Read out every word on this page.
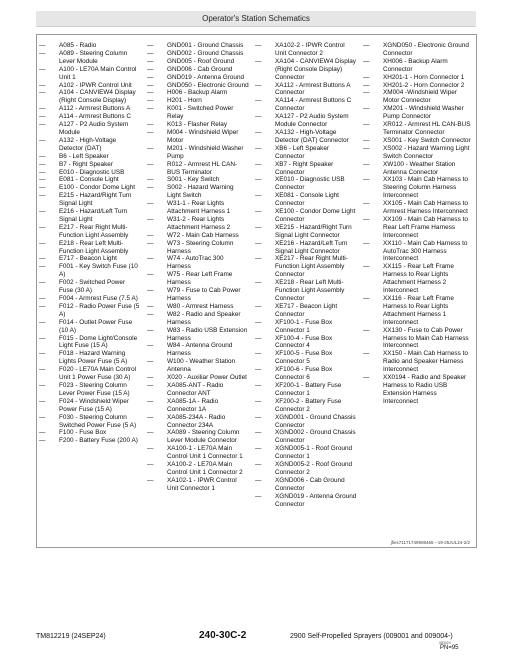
Operator's Station Schematics
— A085 - Radio
— A089 - Steering Column Lever Module
— A100 - LE70A Main Control Unit 1
— A102 - IPWR Control Unit
— A104 - CANVIEW4 Display (Right Console Display)
— A112 - Armrest Buttons A
— A114 - Armrest Buttons C
— A127 - P2 Audio System Module
— A132 - High-Voltage Detector (DAT)
— B6 - Left Speaker
— B7 - Right Speaker
— E010 - Diagnostic USB
— E081 - Console Light
— E100 - Condor Dome Light
— E215 - Hazard/Right Turn Signal Light
— E216 - Hazard/Left Turn Signal Light
— E217 - Rear Right Multi-Function Light Assembly
— E218 - Rear Left Multi-Function Light Assembly
— E717 - Beacon Light
— F001 - Key Switch Fuse (10 A)
— F002 - Switched Power Fuse (30 A)
— F004 - Armrest Fuse (7.5 A)
— F012 - Radio Power Fuse (5 A)
— F014 - Outlet Power Fuse (10 A)
— F015 - Dome Light/Console Light Fuse (15 A)
— F018 - Hazard Warning Lights Power Fuse (5 A)
— F020 - LE70A Main Control Unit 1 Power Fuse (30 A)
— F023 - Steering Column Lever Power Fuse (15 A)
— F024 - Windshield Wiper Power Fuse (15 A)
— F030 - Steering Column Switched Power Fuse (5 A)
— F100 - Fuse Box
— F200 - Battery Fuse (200 A)
— GND001 - Ground Chassis
— GND002 - Ground Chassis
— GND005 - Roof Ground
— GND006 - Cab Ground
— GND019 - Antenna Ground
— GND050 - Electronic Ground
— H006 - Backup Alarm
— H201 - Horn
— K001 - Switched Power Relay
— K013 - Flasher Relay
— M004 - Windshield Wiper Motor
— M201 - Windshield Washer Pump
— R012 - Armrest HL CAN-BUS Terminator
— S001 - Key Switch
— S002 - Hazard Warning Light Switch
— W31-1 - Rear Lights Attachment Harness 1
— W31-2 - Rear Lights Attachment Harness 2
— W72 - Main Cab Harness
— W73 - Steering Column Harness
— W74 - AutoTrac 300 Harness
— W75 - Rear Left Frame Harness
— W79 - Fuse to Cab Power Harness
— W80 - Armrest Harness
— W82 - Radio and Speaker Harness
— W83 - Radio USB Extension Harness
— W84 - Antenna Ground Harness
— W100 - Weather Station Antenna
— X020 - Auxiliar Power Outlet
— XA085-ANT - Radio Connector ANT
— XA085-1A - Radio Connector 1A
— XA085-234A - Radio Connector 234A
— XA089 - Steering Column Lever Module Connector
— XA100-1 - LE70A Main Control Unit 1 Connector 1
— XA100-2 - LE70A Main Control Unit 1 Connector 2
— XA102-1 - IPWR Control Unit Connector 1
— XA102-2 - IPWR Control Unit Connector 2
— XA104 - CANVIEW4 Display (Right Console Display) Connector
— XA112 - Armrest Buttons A Connector
— XA114 - Armrest Buttons C Connector
— XA127 - P2 Audio System Module Connector
— XA132 - High-Voltage Detector (DAT) Connector
— XB6 - Left Speaker Connector
— XB7 - Right Speaker Connector
— XE010 - Diagnostic USB Connector
— XE081 - Console Light Connector
— XE100 - Condor Dome Light Connector
— XE215 - Hazard/Right Turn Signal Light Connector
— XE216 - Hazard/Left Turn Signal Light Connector
— XE217 - Rear Right Multi-Function Light Assembly Connector
— XE218 - Rear Left Multi-Function Light Assembly Connector
— XE717 - Beacon Light Connector
— XF100-1 - Fuse Box Connector 1
— XF100-4 - Fuse Box Connector 4
— XF100-5 - Fuse Box Connector 5
— XF100-6 - Fuse Box Connector 6
— XF200-1 - Battery Fuse Connector 1
— XF200-2 - Battery Fuse Connector 2
— XGND001 - Ground Chassis Connector
— XGND002 - Ground Chassis Connector
— XGND005-1 - Roof Ground Connector 1
— XGND005-2 - Roof Ground Connector 2
— XGND006 - Cab Ground Connector
— XGND019 - Antenna Ground Connector
— XGND050 - Electronic Ground Connector
— XH006 - Backup Alarm Connector
— XH201-1 - Horn Connector 1
— XH201-2 - Horn Connector 2
— XM004 -Windshield Wiper Motor Connector
— XM201 - Windshield Washer Pump Connector
— XR012 - Armrest HL CAN-BUS Terminator Connector
— XS001 - Key Switch Connector
— XS002 - Hazard Warning Light Switch Connector
— XW100 - Weather Station Antenna Connector
— XX103 - Main Cab Harness to Steering Column Harness Interconnect
— XX105 - Main Cab Harness to Armrest Harness Interconnect
— XX109 - Main Cab Harness to Rear Left Frame Harness Interconnect
— XX110 - Main Cab Harness to AutoTrac 300 Harness Interconnect
— XX115 - Rear Left Frame Harness to Rear Lights Attachment Harness 2 Interconnect
— XX116 - Rear Left Frame Harness to Rear Lights Attachment Harness 1 Interconnect
— XX130 - Fuse to Cab Power Harness to Main Cab Harness Interconnect
— XX150 - Main Cab Harness to Radio and Speaker Harness Interconnect
— XX0194 - Radio and Speaker Harness to Radio USB Extension Harness Interconnect
jfiex71171749908465 --19-25JUL24-2/2
TM812219 (24SEP24)	240-30C-2	2900 Self-Propelled Sprayers (009001 and 009004-)
083024
PN=95
